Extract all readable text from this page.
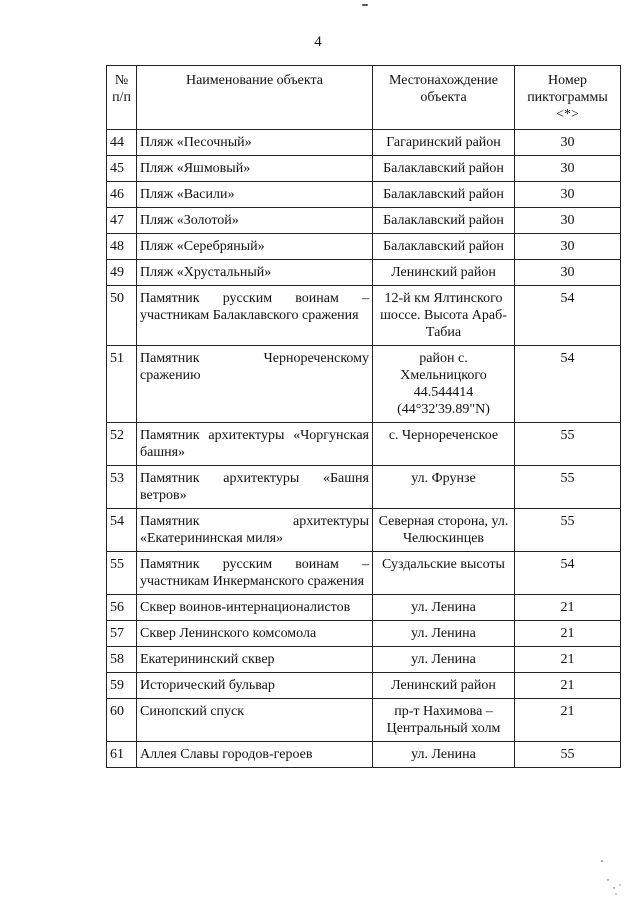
4
№ п/п	Наименование объекта	Местонахождение объекта	Номер пиктограммы <*>
44	Пляж «Песочный»	Гагаринский район	30
45	Пляж «Яшмовый»	Балаклавский район	30
46	Пляж «Васили»	Балаклавский район	30
47	Пляж «Золотой»	Балаклавский район	30
48	Пляж «Серебряный»	Балаклавский район	30
49	Пляж «Хрустальный»	Ленинский район	30
50	Памятник русским воинам – участникам Балаклавского сражения	12-й км Ялтинского шоссе. Высота Араб-Табиа	54
51	Памятник Чернореченскому сражению	район с. Хмельницкого 44.544414 (44°32'39.89"N)	54
52	Памятник архитектуры «Чоргунская башня»	с. Чернореченское	55
53	Памятник архитектуры «Башня ветров»	ул. Фрунзе	55
54	Памятник архитектуры «Екатерининская миля»	Северная сторона, ул. Челюскинцев	55
55	Памятник русским воинам – участникам Инкерманского сражения	Суздальские высоты	54
56	Сквер воинов-интернационалистов	ул. Ленина	21
57	Сквер Ленинского комсомола	ул. Ленина	21
58	Екатерининский сквер	ул. Ленина	21
59	Исторический бульвар	Ленинский район	21
60	Синопский спуск	пр-т Нахимова – Центральный холм	21
61	Аллея Славы городов-героев	ул. Ленина	55
